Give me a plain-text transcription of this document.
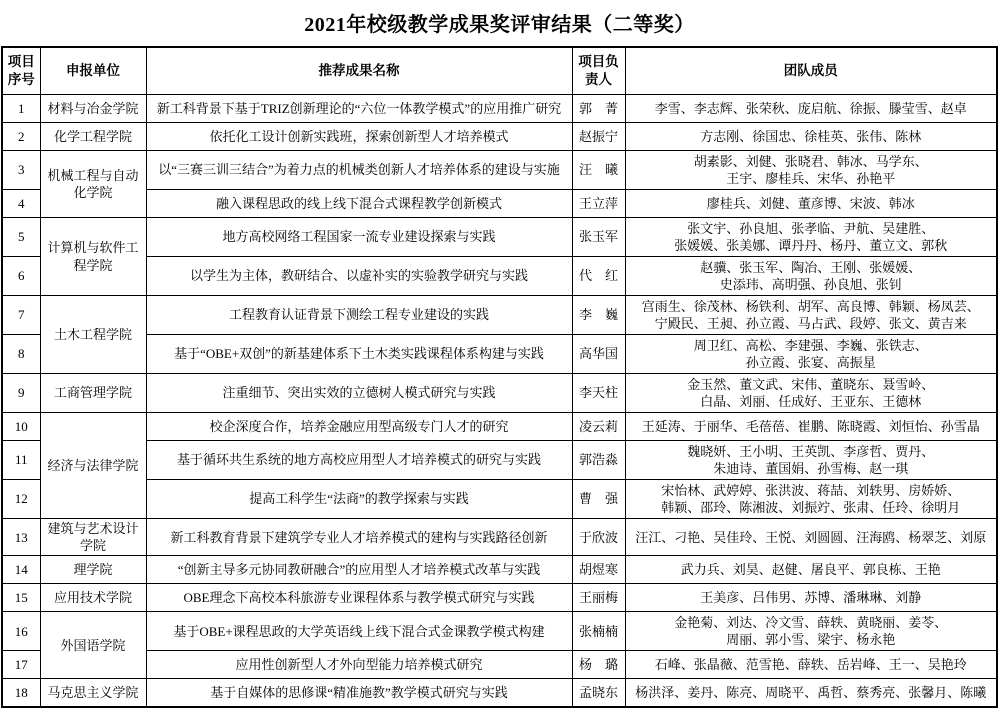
2021年校级教学成果奖评审结果（二等奖）
项目序号	申报单位	推荐成果名称	项目负责人	团队成员
1	材料与冶金学院	新工科背景下基于TRIZ创新理论的“六位一体教学模式”的应用推广研究	郭　菁	李雪、李志辉、张荣秋、庞启航、徐振、滕莹雪、赵卓

2	化学工程学院	依托化工设计创新实践班，探索创新型人才培养模式	赵振宁	方志刚、徐国忠、徐桂英、张伟、陈林

3	机械工程与自动化学院	以“三赛三训三结合”为着力点的机械类创新人才培养体系的建设与实施	汪　曦	胡素影、刘健、张晓君、韩冰、马学东、
王宇、廖桂兵、宋华、孙艳平

4		融入课程思政的线上线下混合式课程教学创新模式	王立萍	廖桂兵、刘健、董彦博、宋波、韩冰

5	计算机与软件工程学院	地方高校网络工程国家一流专业建设探索与实践	张玉军	张文宇、孙良旭、张孝临、尹航、吴建胜、
张媛媛、张美娜、谭丹丹、杨丹、董立文、郭秋

6		以学生为主体，教研结合、以虚补实的实验教学研究与实践	代　红	赵骥、张玉军、陶冶、王刚、张媛媛、
史添玮、高明强、孙良旭、张钊

7	土木工程学院	工程教育认证背景下测绘工程专业建设的实践	李　巍	宫雨生、徐茂林、杨铁利、胡军、高良博、韩颖、杨凤芸、
宁殿民、王昶、孙立霞、马占武、段婷、张文、黄吉来

8		基于“OBE+双创”的新基建体系下土木类实践课程体系构建与实践	高华国	周卫红、高松、李建强、李巍、张铁志、
孙立霞、张宴、高振星

9	工商管理学院	注重细节、突出实效的立德树人模式研究与实践	李天柱	金玉然、董文武、宋伟、董晓东、聂雪岭、
白晶、刘丽、任成好、王亚东、王德林

10	经济与法律学院	校企深度合作，培养金融应用型高级专门人才的研究	凌云莉	王延涛、于丽华、毛蓓蓓、崔鹏、陈晓霞、刘恒怡、孙雪晶

11		基于循环共生系统的地方高校应用型人才培养模式的研究与实践	郭浩淼	魏晓妍、王小明、王英凯、李彦哲、贾丹、
朱迪诗、董国娟、孙雪梅、赵一琪

12		提高工科学生“法商”的教学探索与实践	曹　强	宋怡林、武婷婷、张洪波、蒋喆、刘轶男、房娇娇、
韩颖、邵玲、陈湘波、刘振竚、张肃、任玲、徐明月

13	建筑与艺术设计学院	新工科教育背景下建筑学专业人才培养模式的建构与实践路径创新	于欣波	汪江、刁艳、吴佳玲、王悦、刘圆圆、汪海鸥、杨翠芝、刘原

14	理学院	“创新主导多元协同教研融合”的应用型人才培养模式改革与实践	胡煜寒	武力兵、刘昊、赵健、屠良平、郭良栋、王艳

15	应用技术学院	OBE理念下高校本科旅游专业课程体系与教学模式研究与实践	王丽梅	王美彦、吕伟男、苏博、潘琳琳、刘静

16	外国语学院	基于OBE+课程思政的大学英语线上线下混合式金课教学模式构建	张楠楠	金艳菊、刘达、冷文雪、薛轶、黄晓丽、姜苓、
周丽、郭小雪、梁宇、杨永艳

17		应用性创新型人才外向型能力培养模式研究	杨　璐	石峰、张晶薇、范雪艳、薛轶、岳岩峰、王一、吴艳玲

18	马克思主义学院	基于自媒体的思修课“精准施教”教学模式研究与实践	孟晓东	杨洪泽、姜丹、陈亮、周晓平、禹哲、蔡秀亮、张馨月、陈曦
